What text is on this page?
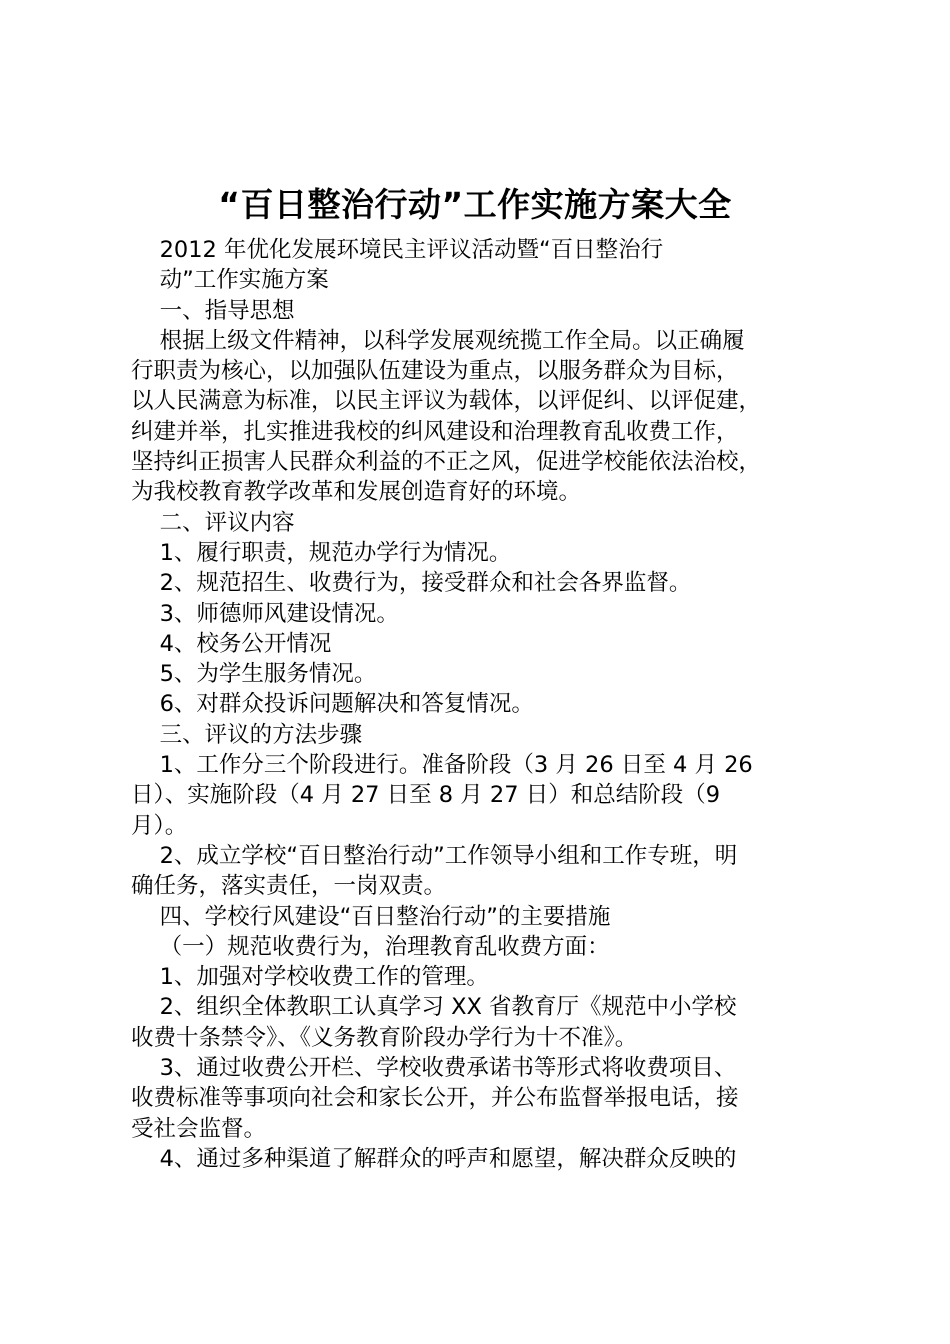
“百日整治行动”工作实施方案大全
2012 年优化发展环境民主评议活动暨“百日整治行
动”工作实施方案
一、指导思想
根据上级文件精神，以科学发展观统揽工作全局。以正确履
行职责为核心，以加强队伍建设为重点，以服务群众为目标，
以人民满意为标准，以民主评议为载体，以评促纠、以评促建，
纠建并举，扎实推进我校的纠风建设和治理教育乱收费工作，
坚持纠正损害人民群众利益的不正之风，促进学校能依法治校，
为我校教育教学改革和发展创造育好的环境。
二、评议内容
1、履行职责，规范办学行为情况。
2、规范招生、收费行为，接受群众和社会各界监督。
3、师德师风建设情况。
4、校务公开情况
5、为学生服务情况。
6、对群众投诉问题解决和答复情况。
三、评议的方法步骤
1、工作分三个阶段进行。准备阶段（3 月 26 日至 4 月 26
日）、实施阶段（4 月 27 日至 8 月 27 日）和总结阶段（9
月）。
2、成立学校“百日整治行动”工作领导小组和工作专班，明
确任务，落实责任，一岗双责。
四、学校行风建设“百日整治行动”的主要措施
（一）规范收费行为，治理教育乱收费方面：
1、加强对学校收费工作的管理。
2、组织全体教职工认真学习 XX 省教育厅《规范中小学校
收费十条禁令》、《义务教育阶段办学行为十不准》。
3、通过收费公开栏、学校收费承诺书等形式将收费项目、
收费标准等事项向社会和家长公开，并公布监督举报电话，接
受社会监督。
4、通过多种渠道了解群众的呼声和愿望，解决群众反映的
